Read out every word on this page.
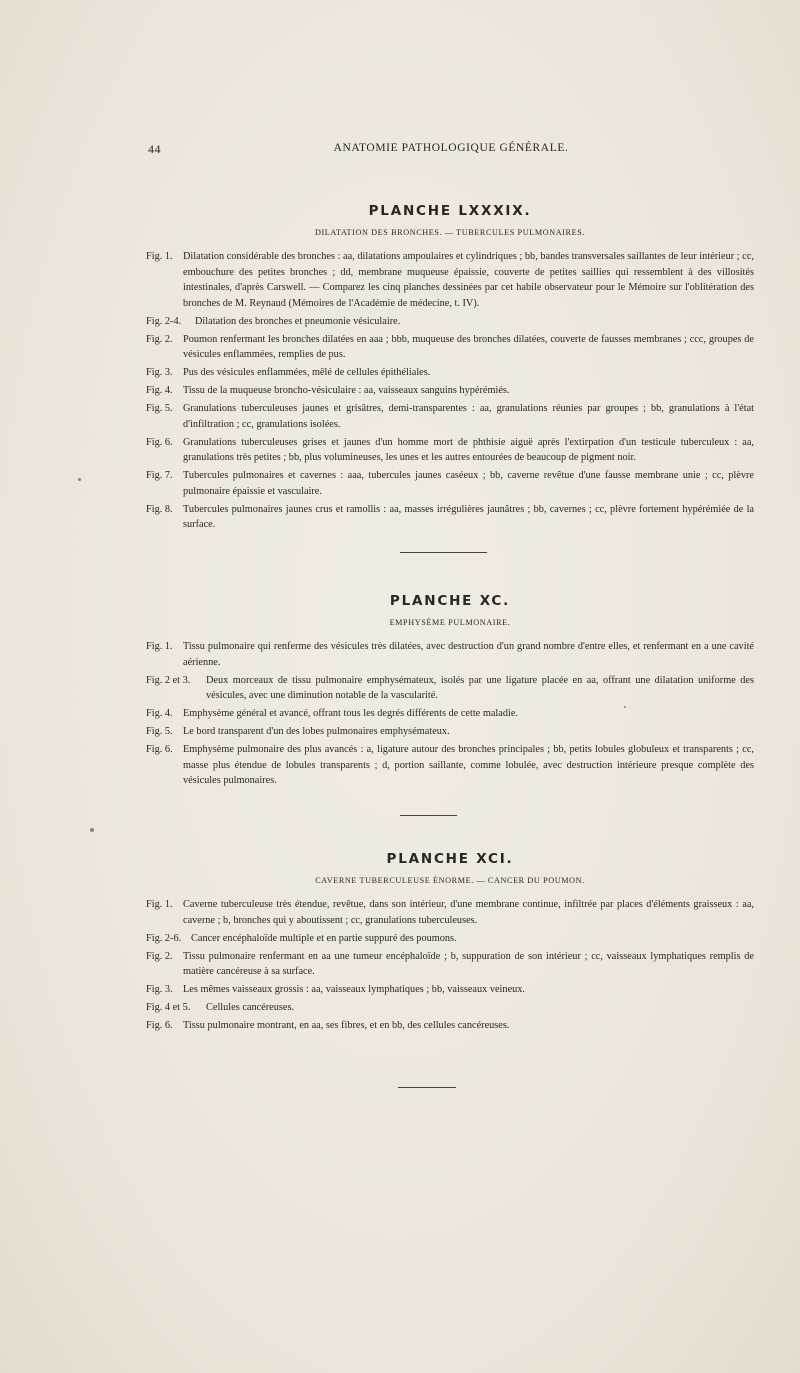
44	ANATOMIE PATHOLOGIQUE GÉNÉRALE.
PLANCHE LXXXIX.
DILATATION DES BRONCHES. — TUBERCULES PULMONAIRES.
Fig. 1. Dilatation considérable des bronches : aa, dilatations ampoulaires et cylindriques ; bb, bandes transversales saillantes de leur intérieur ; cc, embouchure des petites bronches ; dd, membrane muqueuse épaissie, couverte de petites saillies qui ressemblent à des villosités intestinales, d'après Carswell. — Comparez les cinq planches dessinées par cet habile observateur pour le Mémoire sur l'oblitération des bronches de M. Reynaud (Mémoires de l'Académie de médecine, t. IV).
Fig. 2-4. Dilatation des bronches et pneumonie vésiculaire.
Fig. 2. Poumon renfermant les bronches dilatées en aaa ; bbb, muqueuse des bronches dilatées, couverte de fausses membranes ; ccc, groupes de vésicules enflammées, remplies de pus.
Fig. 3. Pus des vésicules enflammées, mêlé de cellules épithéliales.
Fig. 4. Tissu de la muqueuse broncho-vésiculaire : aa, vaisseaux sanguins hypérémiés.
Fig. 5. Granulations tuberculeuses jaunes et grisâtres, demi-transparentes : aa, granulations réunies par groupes ; bb, granulations à l'état d'infiltration ; cc, granulations isolées.
Fig. 6. Granulations tuberculeuses grises et jaunes d'un homme mort de phthisie aiguë après l'extirpation d'un testicule tuberculeux : aa, granulations très petites ; bb, plus volumineuses, les unes et les autres entourées de beaucoup de pigment noir.
Fig. 7. Tubercules pulmonaires et cavernes : aaa, tubercules jaunes caséeux ; bb, caverne revêtue d'une fausse membrane unie ; cc, plèvre pulmonaire épaissie et vasculaire.
Fig. 8. Tubercules pulmonaires jaunes crus et ramollis : aa, masses irrégulières jaunâtres ; bb, cavernes ; cc, plèvre fortement hypérémiée de la surface.
PLANCHE XC.
EMPHYSÈME PULMONAIRE.
Fig. 1. Tissu pulmonaire qui renferme des vésicules très dilatées, avec destruction d'un grand nombre d'entre elles, et renfermant en a une cavité aérienne.
Fig. 2 et 3. Deux morceaux de tissu pulmonaire emphysémateux, isolés par une ligature placée en aa, offrant une dilatation uniforme des vésicules, avec une diminution notable de la vascularité.
Fig. 4. Emphysème général et avancé, offrant tous les degrés différents de cette maladie.
Fig. 5. Le bord transparent d'un des lobes pulmonaires emphysémateux.
Fig. 6. Emphysème pulmonaire des plus avancés : a, ligature autour des bronches principales ; bb, petits lobules globuleux et transparents ; cc, masse plus étendue de lobules transparents ; d, portion saillante, comme lobulée, avec destruction intérieure presque complète des vésicules pulmonaires.
PLANCHE XCI.
CAVERNE TUBERCULEUSE ÉNORME. — CANCER DU POUMON.
Fig. 1. Caverne tuberculeuse très étendue, revêtue, dans son intérieur, d'une membrane continue, infiltrée par places d'éléments graisseux : aa, caverne ; b, bronches qui y aboutissent ; cc, granulations tuberculeuses.
Fig. 2-6. Cancer encéphaloïde multiple et en partie suppuré des poumons.
Fig. 2. Tissu pulmonaire renfermant en aa une tumeur encéphaloïde ; b, suppuration de son intérieur ; cc, vaisseaux lymphatiques remplis de matière cancéreuse à sa surface.
Fig. 3. Les mêmes vaisseaux grossis : aa, vaisseaux lymphatiques ; bb, vaisseaux veineux.
Fig. 4 et 5. Cellules cancéreuses.
Fig. 6. Tissu pulmonaire montrant, en aa, ses fibres, et en bb, des cellules cancéreuses.
